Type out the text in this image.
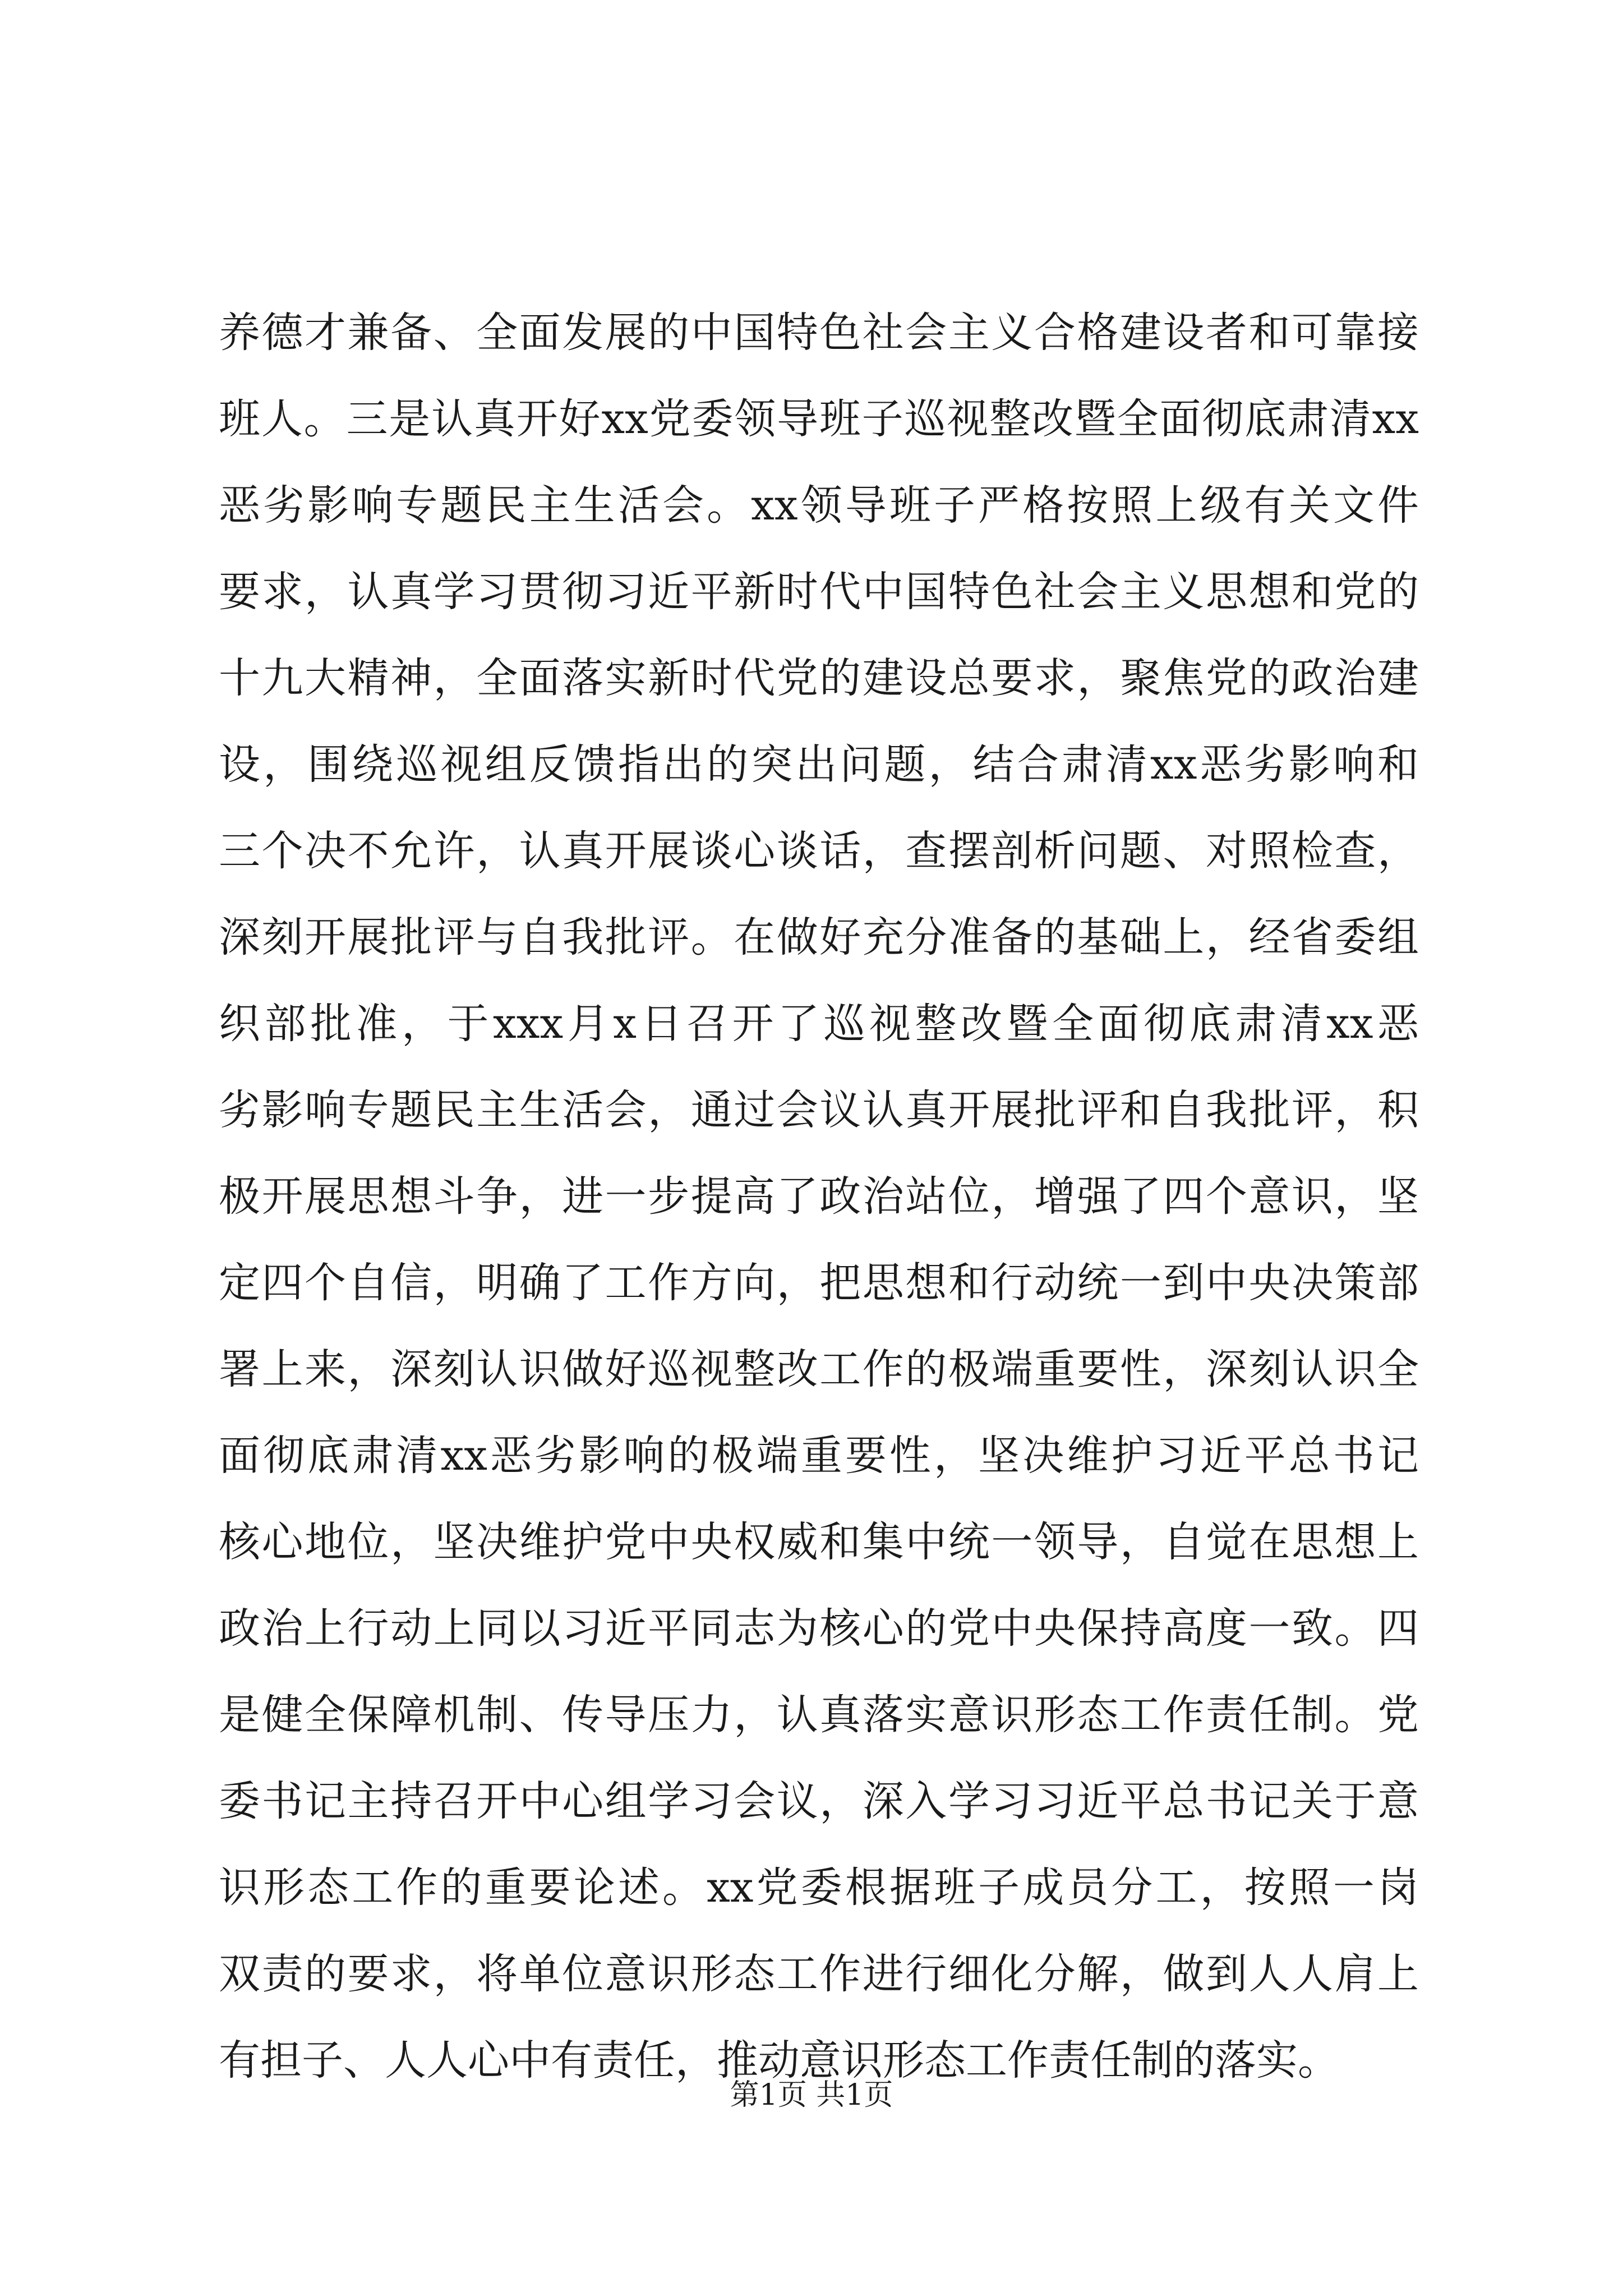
养德才兼备、全面发展的中国特色社会主义合格建设者和可靠接
班人。三是认真开好xx党委领导班子巡视整改暨全面彻底肃清xx
恶劣影响专题民主生活会。xx领导班子严格按照上级有关文件
要求，认真学习贯彻习近平新时代中国特色社会主义思想和党的
十九大精神，全面落实新时代党的建设总要求，聚焦党的政治建
设，围绕巡视组反馈指出的突出问题，结合肃清xx恶劣影响和
三个决不允许，认真开展谈心谈话，查摆剖析问题、对照检查，
深刻开展批评与自我批评。在做好充分准备的基础上，经省委组
织部批准，于xxx月x日召开了巡视整改暨全面彻底肃清xx恶
劣影响专题民主生活会，通过会议认真开展批评和自我批评，积
极开展思想斗争，进一步提高了政治站位，增强了四个意识，坚
定四个自信，明确了工作方向，把思想和行动统一到中央决策部
署上来，深刻认识做好巡视整改工作的极端重要性，深刻认识全
面彻底肃清xx恶劣影响的极端重要性，坚决维护习近平总书记
核心地位，坚决维护党中央权威和集中统一领导，自觉在思想上
政治上行动上同以习近平同志为核心的党中央保持高度一致。四
是健全保障机制、传导压力，认真落实意识形态工作责任制。党
委书记主持召开中心组学习会议，深入学习习近平总书记关于意
识形态工作的重要论述。xx党委根据班子成员分工，按照一岗
双责的要求，将单位意识形态工作进行细化分解，做到人人肩上
有担子、人人心中有责任，推动意识形态工作责任制的落实。
第1页 共1页
